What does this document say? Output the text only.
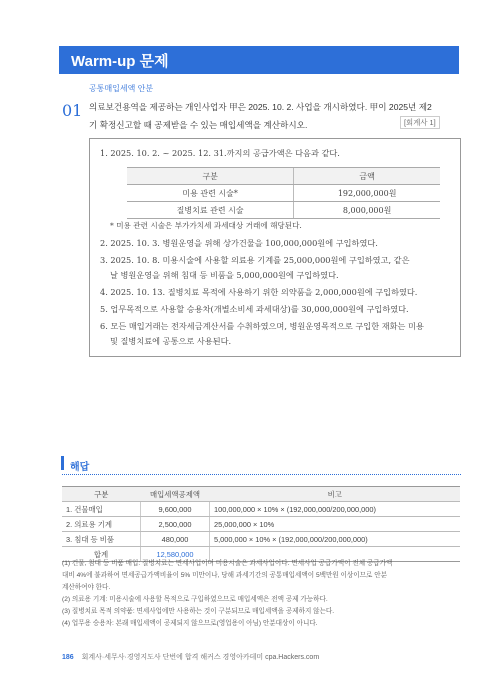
Warm-up 문제
공통매입세액 안분
01 의료보건용역을 제공하는 개인사업자 甲은 2025. 10. 2. 사업을 개시하였다. 甲이 2025년 제2
기 확정신고할 때 공제받을 수 있는 매입세액을 계산하시오.	[회계사 1]
1. 2025. 10. 2. ~ 2025. 12. 31.까지의 공급가액은 다음과 같다.
구분	금액
미용 관련 시술*	192,000,000원
질병치료 관련 시술	8,000,000원
* 미용 관련 시술은 부가가치세 과세대상 거래에 해당된다.
2. 2025. 10. 3. 병원운영을 위해 상가건물을 100,000,000원에 구입하였다.
3. 2025. 10. 8. 미용시술에 사용할 의료용 기계를 25,000,000원에 구입하였고, 같은
날 병원운영을 위해 침대 등 비품을 5,000,000원에 구입하였다.
4. 2025. 10. 13. 질병치료 목적에 사용하기 위한 의약품을 2,000,000원에 구입하였다.
5. 업무목적으로 사용할 승용차(개별소비세 과세대상)를 30,000,000원에 구입하였다.
6. 모든 매입거래는 전자세금계산서를 수취하였으며, 병원운영목적으로 구입한 재화는 미용
및 질병치료에 공통으로 사용된다.
해답
구분	매입세액공제액	비고
1. 건물매입	9,600,000	100,000,000 × 10% × (192,000,000/200,000,000)
2. 의료용 기계	2,500,000	25,000,000 × 10%
3. 침대 등 비품	480,000	5,000,000 × 10% × (192,000,000/200,000,000)
합계	12,580,000	
(1) 건물, 침대 등 비품 매입: 질병치료는 면세사업이며 미용시술은 과세사업이다. 면세사업 공급가액이 전체 공급가액
대비 4%에 불과하여 면세공급가액비율이 5% 미만이나, 당해 과세기간의 공통매입세액이 5백만원 이상이므로 안분
계산하여야 한다.
(2) 의료용 기계: 미용시술에 사용할 목적으로 구입하였으므로 매입세액은 전액 공제 가능하다.
(3) 질병치료 목적 의약품: 면세사업에만 사용하는 것이 구분되므로 매입세액을 공제하지 않는다.
(4) 업무용 승용차: 본래 매입세액이 공제되지 않으므로(영업용이 아님) 안분대상이 아니다.
186 회계사·세무사·경영지도사 단번에 합격 해커스 경영아카데미 cpa.Hackers.com
